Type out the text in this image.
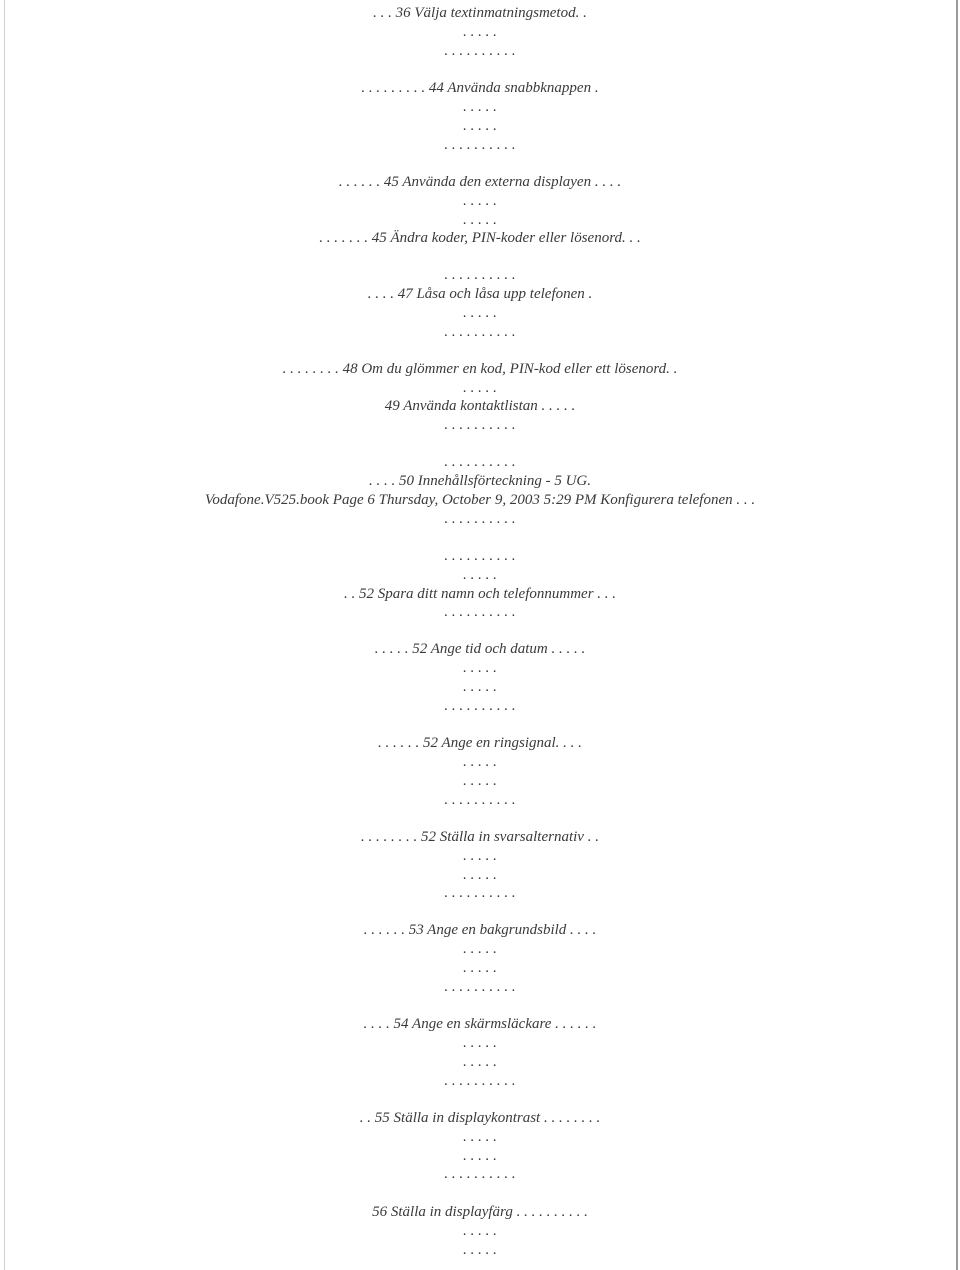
. . . 36 Välja textinmatningsmetod. .
. . . . .
. . . . . . . . . .
. . . . . . . . . 44 Använda snabbknappen .
. . . . .
. . . . .
. . . . . . . . . .
. . . . . . 45 Använda den externa displayen . . . .
. . . . .
. . . . .
. . . . . . . 45 Ändra koder, PIN-koder eller lösenord. . .
. . . . . . . . . .
. . . . 47 Låsa och låsa upp telefonen .
. . . . .
. . . . . . . . . .
. . . . . . . . 48 Om du glömmer en kod, PIN-kod eller ett lösenord. .
. . . . .
49 Använda kontaktlistan . . . . .
. . . . . . . . . .
. . . . . . . . . .
. . . . 50 Innehållsförteckning - 5 UG.
Vodafone.V525.book Page 6 Thursday, October 9, 2003 5:29 PM Konfigurera telefonen . . .
. . . . . . . . . .
. . . . . . . . . .
. . . . .
. . 52 Spara ditt namn och telefonnummer . . .
. . . . . . . . . .
. . . . . 52 Ange tid och datum . . . . .
. . . . .
. . . . .
. . . . . . . . . .
. . . . . . 52 Ange en ringsignal. . . .
. . . . .
. . . . .
. . . . . . . . . .
. . . . . . . . 52 Ställa in svarsalternativ . .
. . . . .
. . . . .
. . . . . . . . . .
. . . . . . 53 Ange en bakgrundsbild . . . .
. . . . .
. . . . .
. . . . . . . . . .
. . . . 54 Ange en skärmsläckare . . . . . .
. . . . .
. . . . .
. . . . . . . . . .
. . 55 Ställa in displaykontrast . . . . . . . .
. . . . .
. . . . .
. . . . . . . . . .
56 Ställa in displayfärg . . . . . . . . . .
. . . . .
. . . . .
